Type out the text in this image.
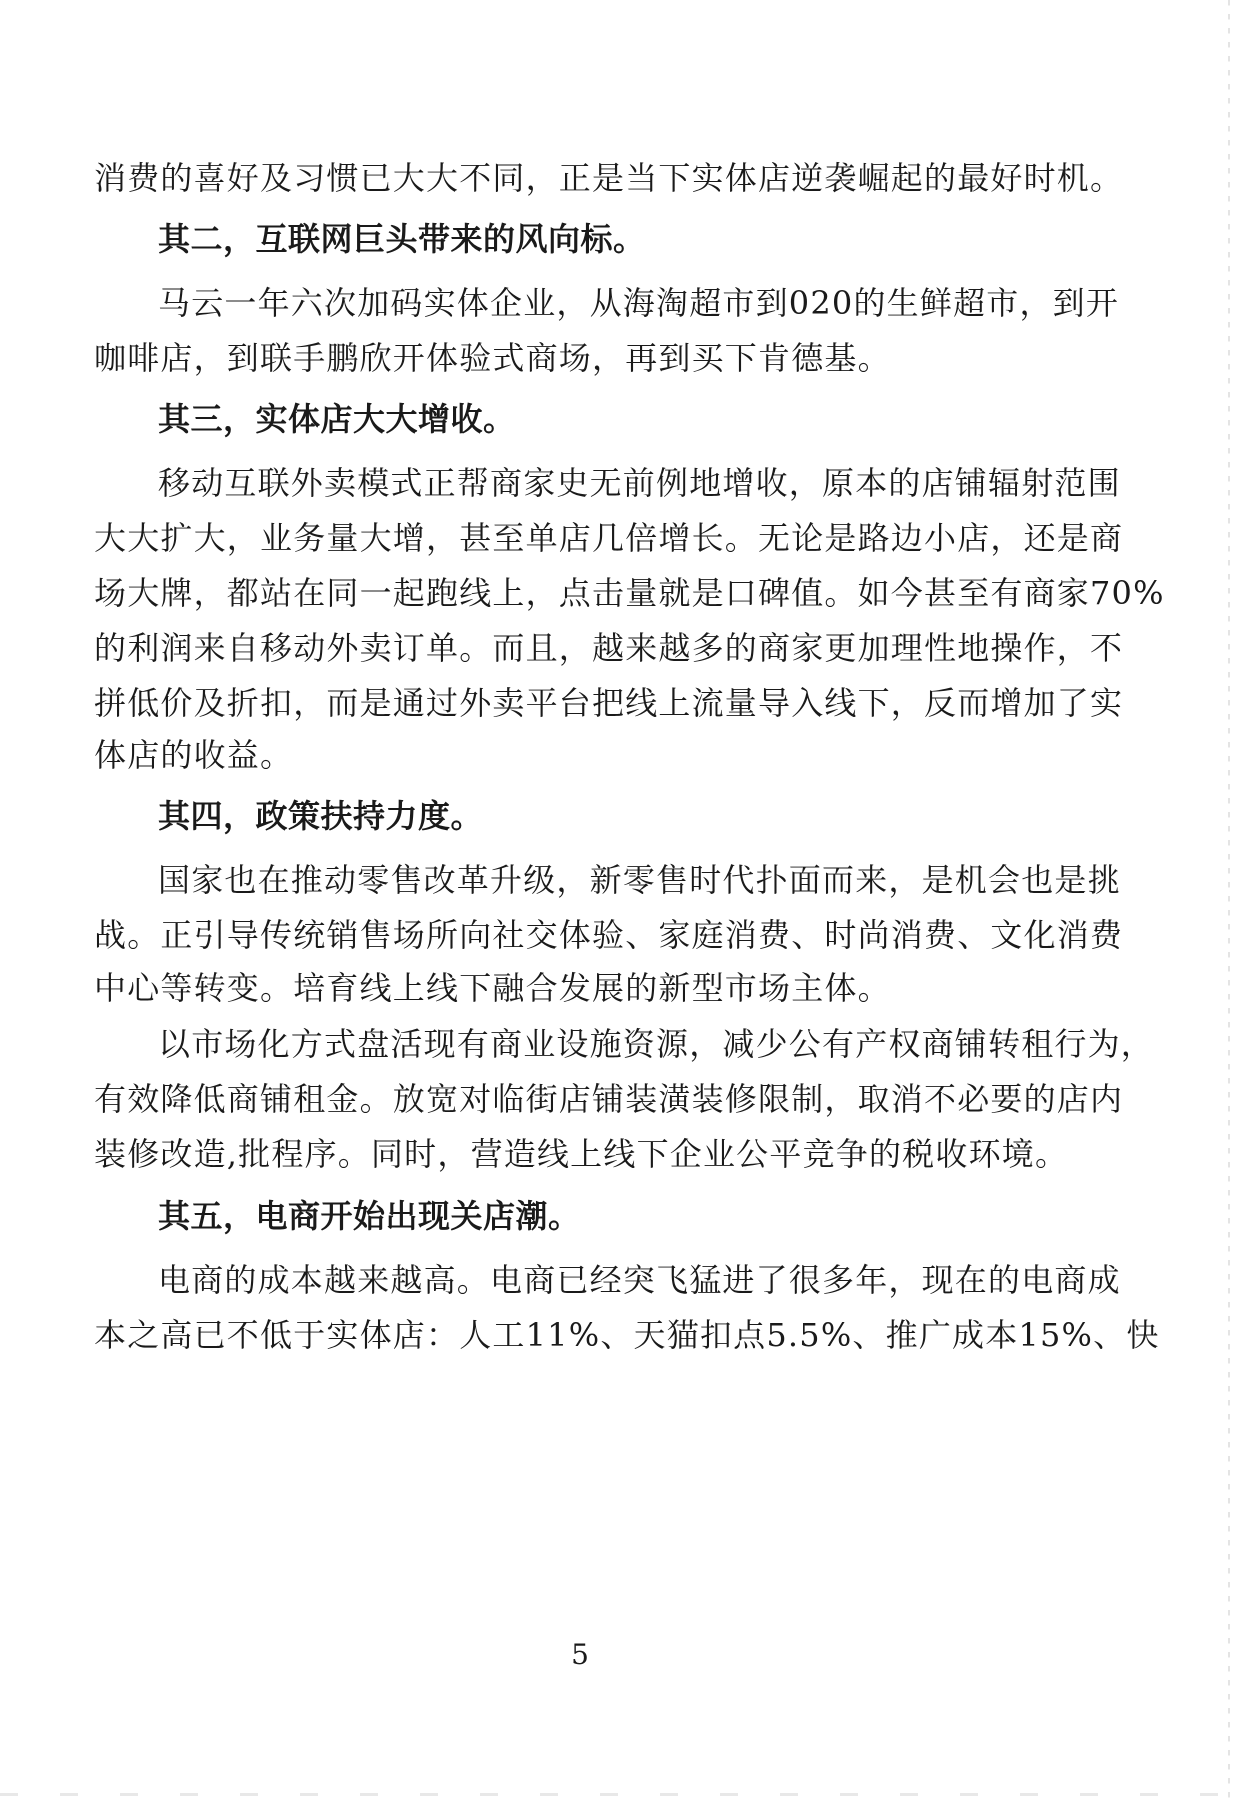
消费的喜好及习惯已大大不同，正是当下实体店逆袭崛起的最好时机。
其二，互联网巨头带来的风向标。
马云一年六次加码实体企业，从海淘超市到020的生鲜超市，到开
咖啡店，到联手鹏欣开体验式商场，再到买下肯德基。
其三，实体店大大增收。
移动互联外卖模式正帮商家史无前例地增收，原本的店铺辐射范围
大大扩大，业务量大增，甚至单店几倍增长。无论是路边小店，还是商
场大牌，都站在同一起跑线上，点击量就是口碑值。如今甚至有商家70%
的利润来自移动外卖订单。而且，越来越多的商家更加理性地操作，不
拼低价及折扣，而是通过外卖平台把线上流量导入线下，反而增加了实
体店的收益。
其四，政策扶持力度。
国家也在推动零售改革升级，新零售时代扑面而来，是机会也是挑
战。正引导传统销售场所向社交体验、家庭消费、时尚消费、文化消费
中心等转变。培育线上线下融合发展的新型市场主体。
以市场化方式盘活现有商业设施资源，减少公有产权商铺转租行为，
有效降低商铺租金。放宽对临街店铺装潢装修限制，取消不必要的店内
装修改造,批程序。同时，营造线上线下企业公平竞争的税收环境。
其五，电商开始出现关店潮。
电商的成本越来越高。电商已经突飞猛进了很多年，现在的电商成
本之高已不低于实体店：人工11%、天猫扣点5.5%、推广成本15%、快
5
